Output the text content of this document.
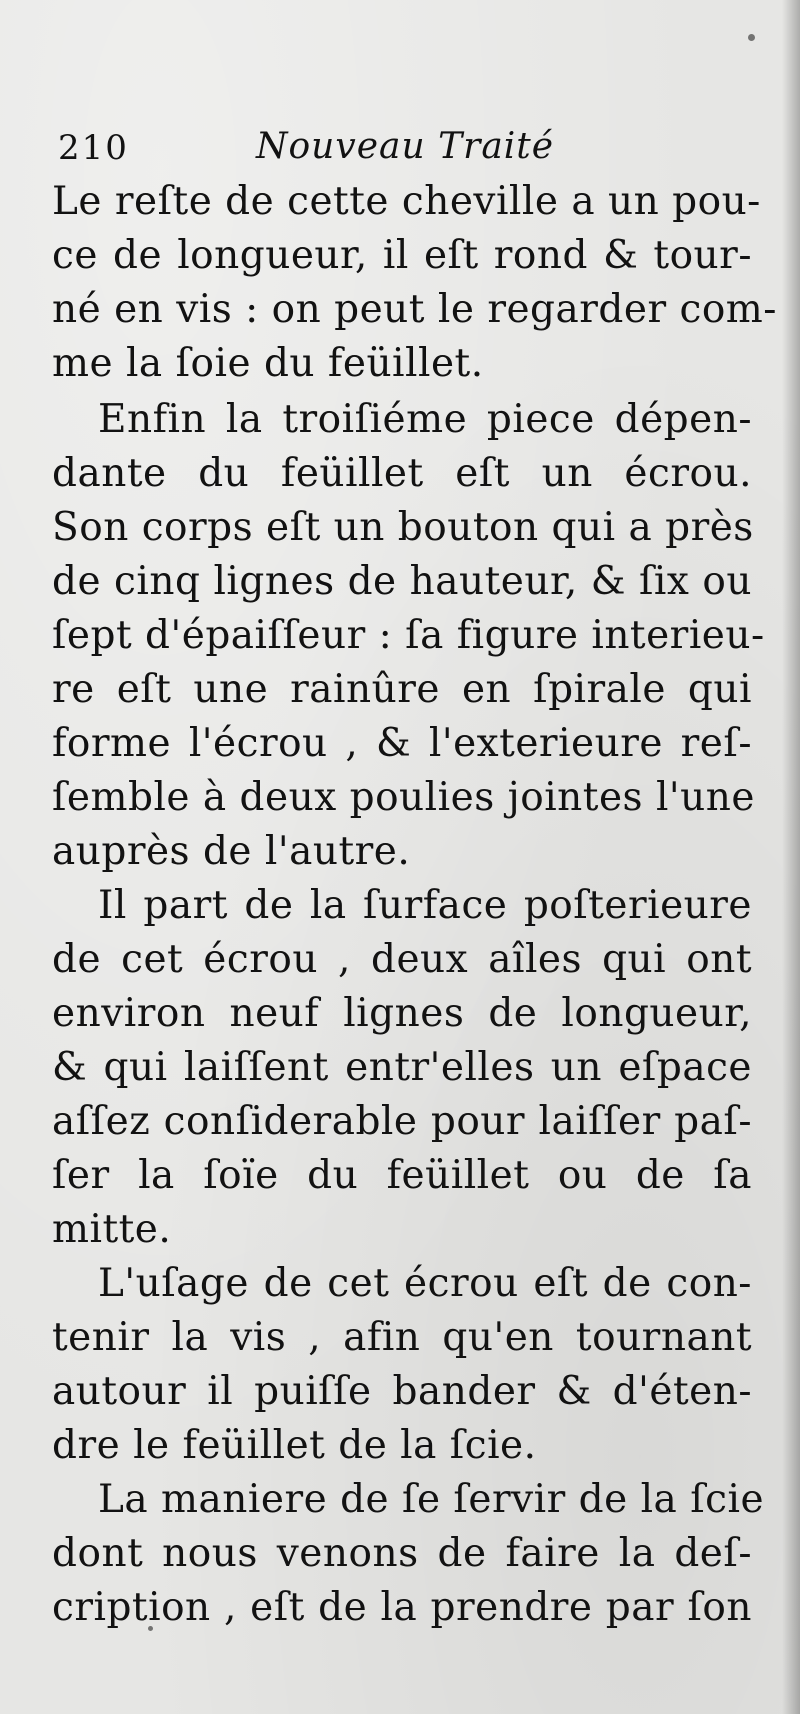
210	Nouveau Traité
Le reſte de cette cheville a un pou-
ce de longueur, il eſt rond & tour-
né en vis : on peut le regarder com-
me la ſoie du feüillet.
Enfin la troiſiéme piece dépen-
dante du feüillet eſt un écrou.
Son corps eſt un bouton qui a près
de cinq lignes de hauteur, & ſix ou
ſept d'épaiſſeur : ſa figure interieu-
re eſt une rainûre en ſpirale qui
forme l'écrou , & l'exterieure reſ-
ſemble à deux poulies jointes l'une
auprès de l'autre.
Il part de la ſurface poſterieure
de cet écrou , deux aîles qui ont
environ neuf lignes de longueur,
& qui laiſſent entr'elles un eſpace
aſſez conſiderable pour laiſſer paſ-
ſer la ſoïe du feüillet ou de ſa
mitte.
L'uſage de cet écrou eſt de con-
tenir la vis , afin qu'en tournant
autour il puiſſe bander & d'éten-
dre le feüillet de la ſcie.
La maniere de ſe ſervir de la ſcie
dont nous venons de faire la deſ-
cription , eſt de la prendre par ſon
